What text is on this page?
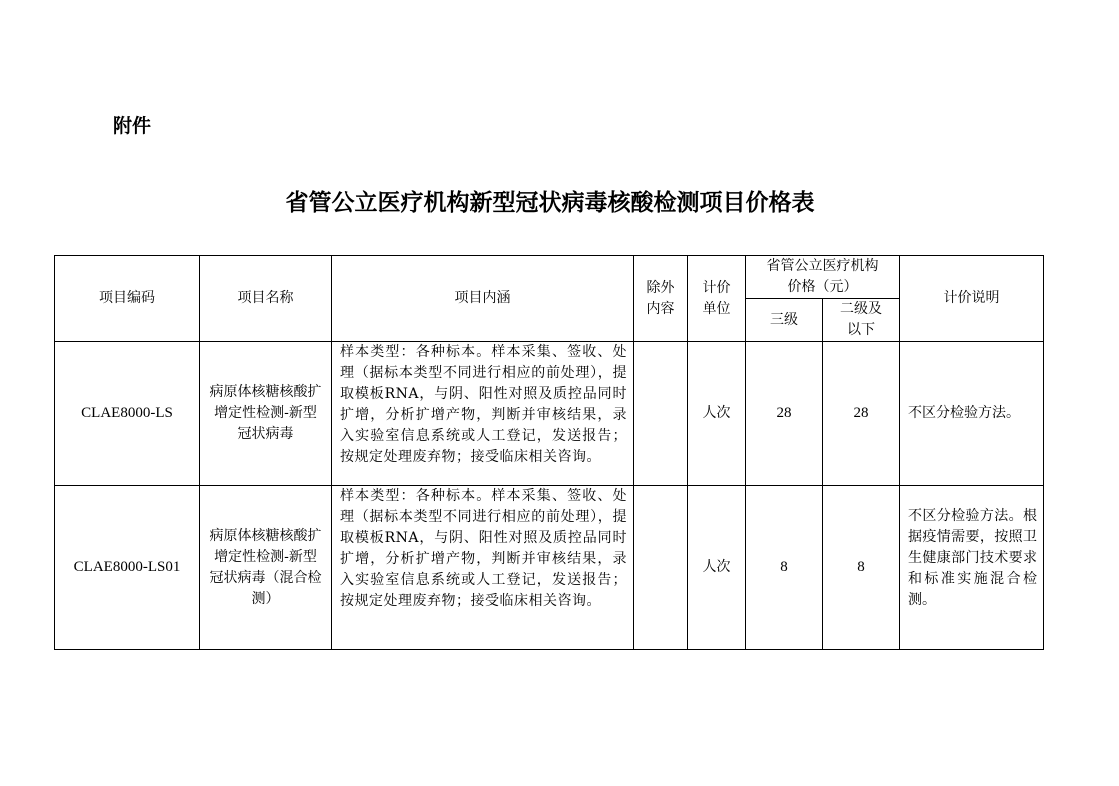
附件
省管公立医疗机构新型冠状病毒核酸检测项目价格表
项目编码	项目名称	项目内涵	除外内容	计价单位	省管公立医疗机构价格（元）		计价说明
					三级	二级及以下	
CLAE8000-LS	病原体核糖核酸扩增定性检测-新型冠状病毒	样本类型：各种标本。样本采集、签收、处理（据标本类型不同进行相应的前处理），提取模板RNA，与阴、阳性对照及质控品同时扩增，分析扩增产物，判断并审核结果，录入实验室信息系统或人工登记，发送报告；按规定处理废弃物；接受临床相关咨询。		人次	28	28	不区分检验方法。
CLAE8000-LS01	病原体核糖核酸扩增定性检测-新型冠状病毒（混合检测）	样本类型：各种标本。样本采集、签收、处理（据标本类型不同进行相应的前处理），提取模板RNA，与阴、阳性对照及质控品同时扩增，分析扩增产物，判断并审核结果，录入实验室信息系统或人工登记，发送报告；按规定处理废弃物；接受临床相关咨询。		人次	8	8	不区分检验方法。根据疫情需要，按照卫生健康部门技术要求和标准实施混合检测。
